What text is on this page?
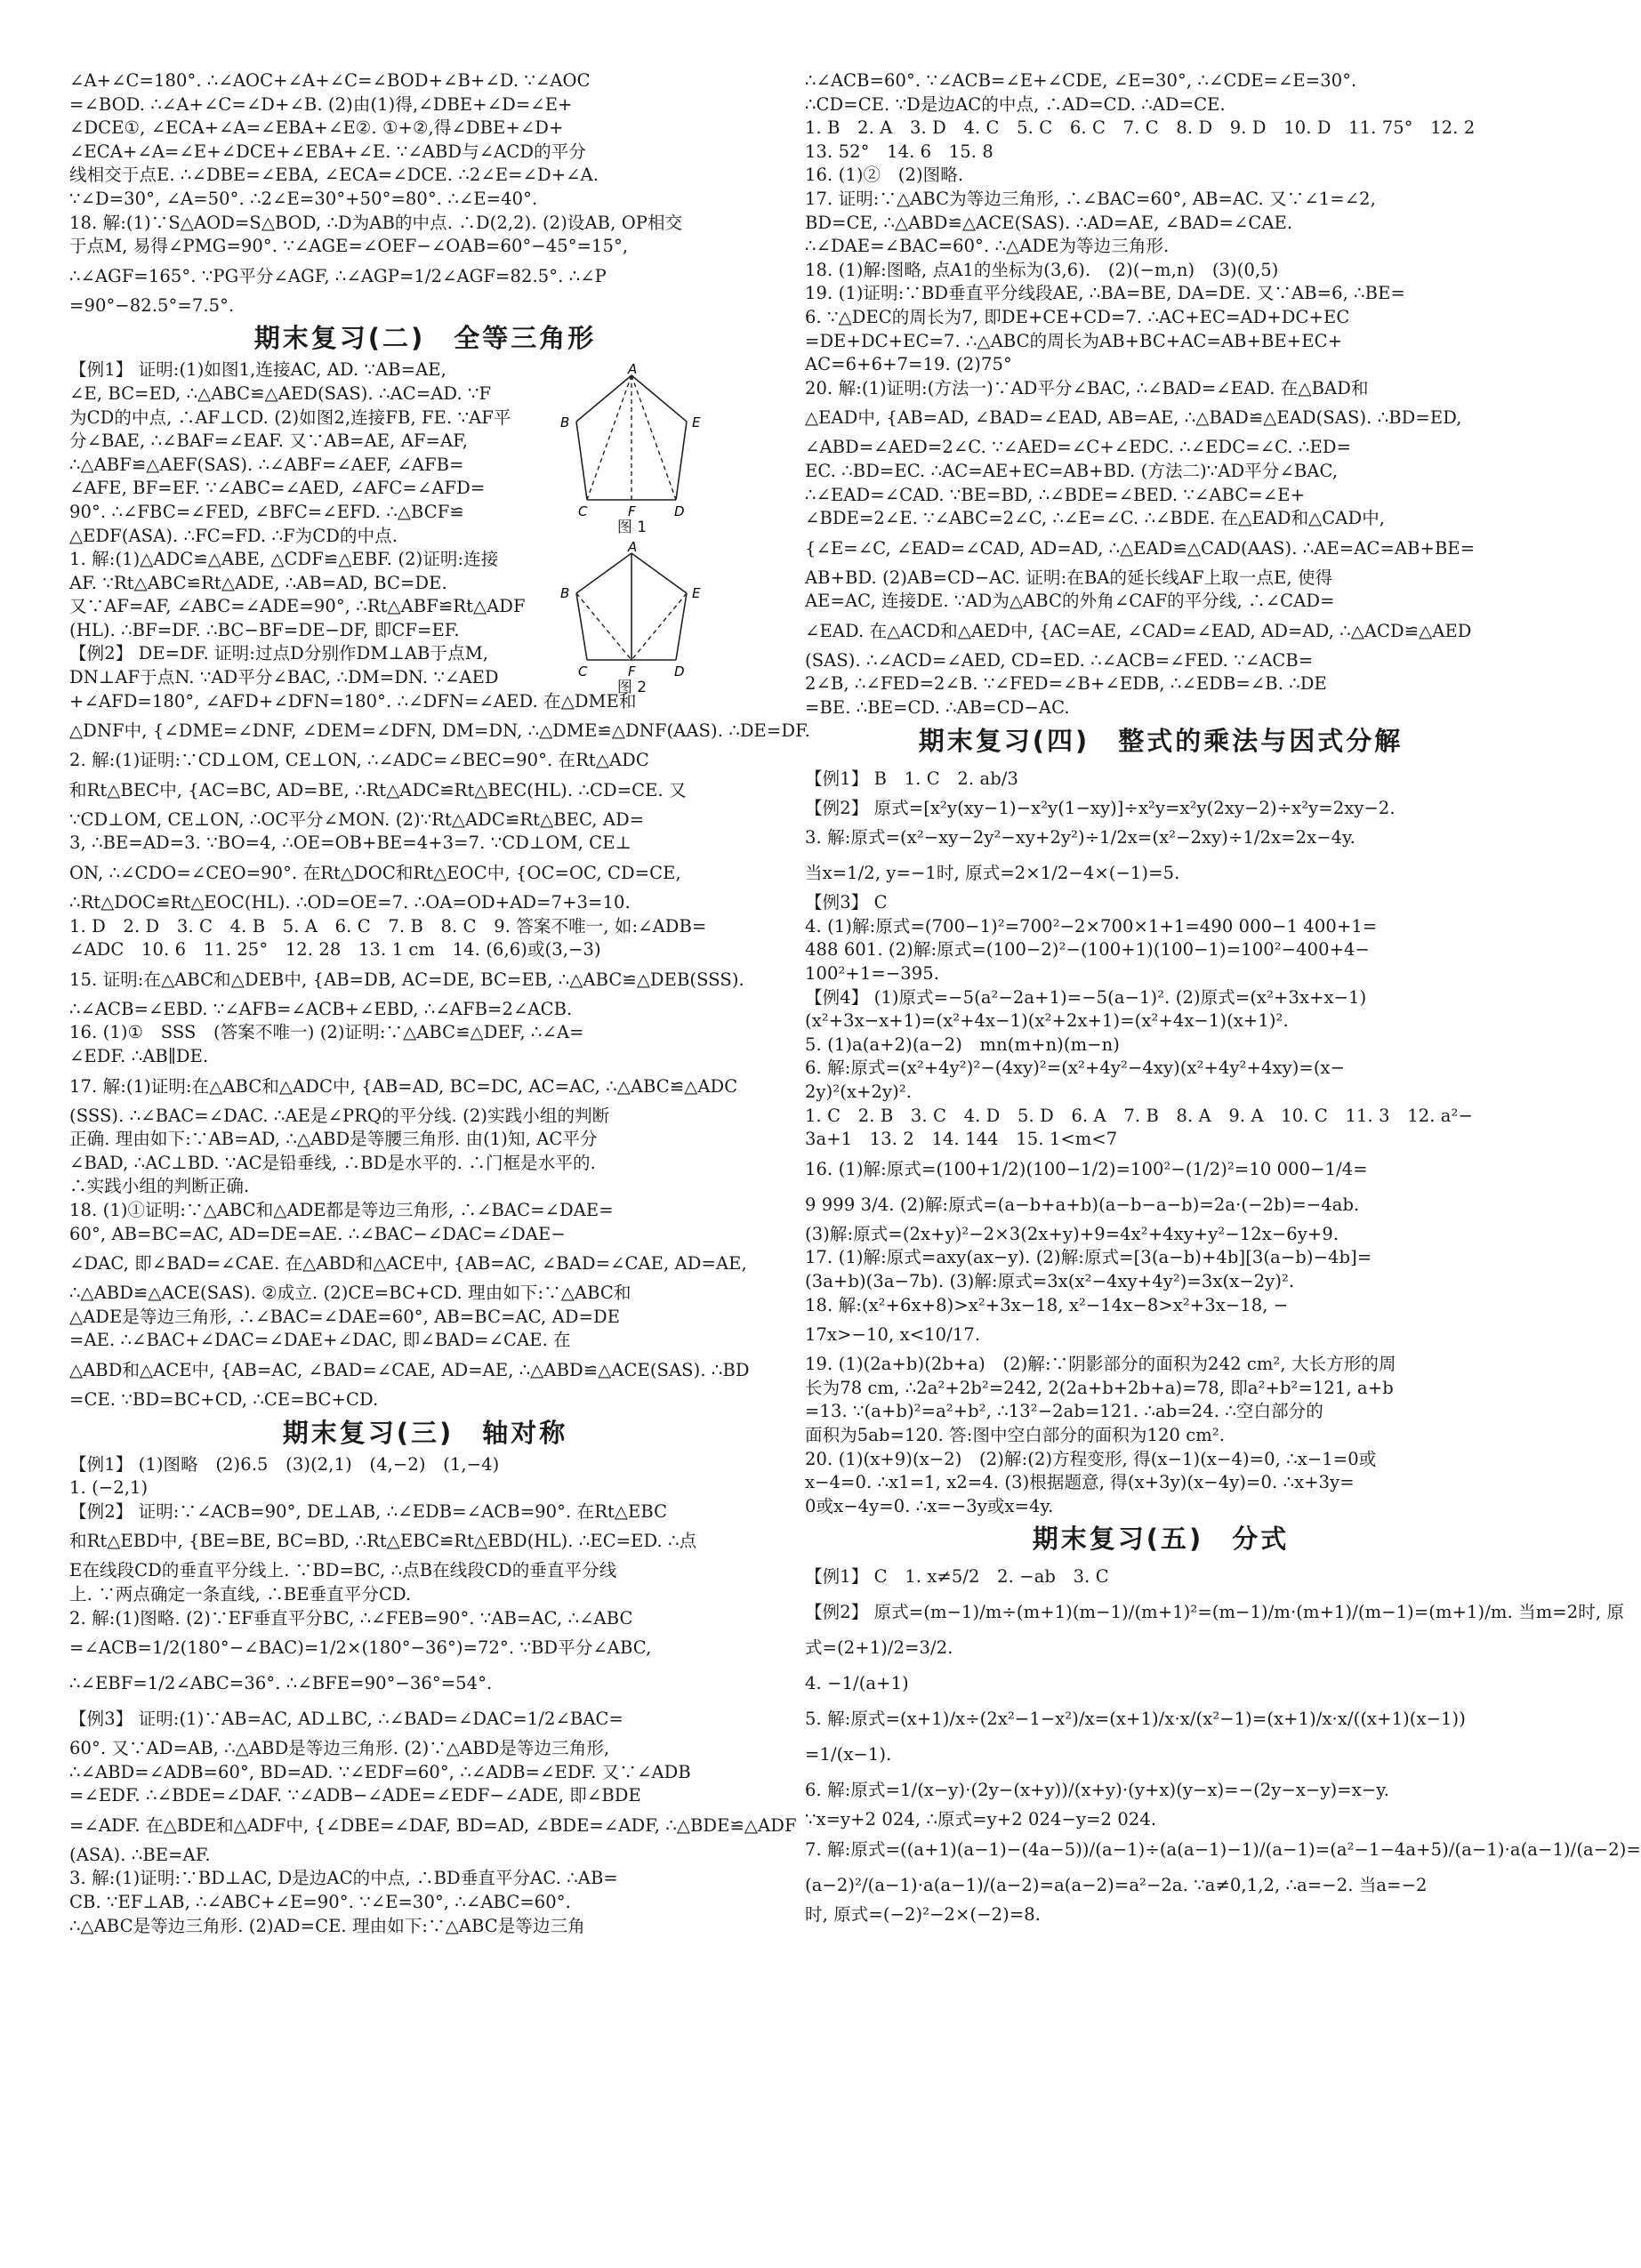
∠A+∠C=180°. ∴∠AOC+∠A+∠C=∠BOD+∠B+∠D. ∵∠AOC
=∠BOD. ∴∠A+∠C=∠D+∠B. (2)由(1)得,∠DBE+∠D=∠E+
∠DCE①, ∠ECA+∠A=∠EBA+∠E②. ①+②,得∠DBE+∠D+
∠ECA+∠A=∠E+∠DCE+∠EBA+∠E. ∵∠ABD与∠ACD的平分
线相交于点E. ∴∠DBE=∠EBA, ∠ECA=∠DCE. ∴2∠E=∠D+∠A.
∵∠D=30°, ∠A=50°. ∴2∠E=30°+50°=80°. ∴∠E=40°.
18. 解:(1)∵S△AOD=S△BOD, ∴D为AB的中点. ∴D(2,2). (2)设AB, OP相交
于点M, 易得∠PMG=90°. ∵∠AGE=∠OEF−∠OAB=60°−45°=15°,
∴∠AGF=165°. ∵PG平分∠AGF, ∴∠AGP=1/2∠AGF=82.5°. ∴∠P
=90°−82.5°=7.5°.
期末复习(二)　全等三角形
【例1】 证明:(1)如图1,连接AC, AD. ∵AB=AE,
∠E, BC=ED, ∴△ABC≌△AED(SAS). ∴AC=AD. ∵F
为CD的中点, ∴AF⊥CD. (2)如图2,连接FB, FE. ∵AF平
分∠BAE, ∴∠BAF=∠EAF. 又∵AB=AE, AF=AF,
∴△ABF≌△AEF(SAS). ∴∠ABF=∠AEF, ∠AFB=
∠AFE, BF=EF. ∵∠ABC=∠AED, ∠AFC=∠AFD=
90°. ∴∠FBC=∠FED, ∠BFC=∠EFD. ∴△BCF≌
△EDF(ASA). ∴FC=FD. ∴F为CD的中点.
1. 解:(1)△ADC≌△ABE, △CDF≌△EBF. (2)证明:连接
AF. ∵Rt△ABC≌Rt△ADE, ∴AB=AD, BC=DE.
又∵AF=AF, ∠ABC=∠ADE=90°, ∴Rt△ABF≌Rt△ADF
(HL). ∴BF=DF. ∴BC−BF=DE−DF, 即CF=EF.
【例2】 DE=DF. 证明:过点D分别作DM⊥AB于点M,
DN⊥AF于点N. ∵AD平分∠BAC, ∴DM=DN. ∵∠AED
+∠AFD=180°, ∠AFD+∠DFN=180°. ∴∠DFN=∠AED. 在△DME和
△DNF中, {∠DME=∠DNF, ∠DEM=∠DFN, DM=DN, ∴△DME≌△DNF(AAS). ∴DE=DF.
2. 解:(1)证明:∵CD⊥OM, CE⊥ON, ∴∠ADC=∠BEC=90°. 在Rt△ADC
和Rt△BEC中, {AC=BC, AD=BE, ∴Rt△ADC≌Rt△BEC(HL). ∴CD=CE. 又
∵CD⊥OM, CE⊥ON, ∴OC平分∠MON. (2)∵Rt△ADC≌Rt△BEC, AD=
3, ∴BE=AD=3. ∵BO=4, ∴OE=OB+BE=4+3=7. ∵CD⊥OM, CE⊥
ON, ∴∠CDO=∠CEO=90°. 在Rt△DOC和Rt△EOC中, {OC=OC, CD=CE,
∴Rt△DOC≌Rt△EOC(HL). ∴OD=OE=7. ∴OA=OD+AD=7+3=10.
1. D　2. D　3. C　4. B　5. A　6. C　7. B　8. C　9. 答案不唯一, 如:∠ADB=
∠ADC　10. 6　11. 25°　12. 28　13. 1 cm　14. (6,6)或(3,−3)
15. 证明:在△ABC和△DEB中, {AB=DB, AC=DE, BC=EB, ∴△ABC≌△DEB(SSS).
∴∠ACB=∠EBD. ∵∠AFB=∠ACB+∠EBD, ∴∠AFB=2∠ACB.
16. (1)①　SSS　(答案不唯一) (2)证明:∵△ABC≌△DEF, ∴∠A=
∠EDF. ∴AB∥DE.
17. 解:(1)证明:在△ABC和△ADC中, {AB=AD, BC=DC, AC=AC, ∴△ABC≌△ADC
(SSS). ∴∠BAC=∠DAC. ∴AE是∠PRQ的平分线. (2)实践小组的判断
正确. 理由如下:∵AB=AD, ∴△ABD是等腰三角形. 由(1)知, AC平分
∠BAD, ∴AC⊥BD. ∵AC是铅垂线, ∴BD是水平的. ∴门框是水平的.
∴实践小组的判断正确.
18. (1)①证明:∵△ABC和△ADE都是等边三角形, ∴∠BAC=∠DAE=
60°, AB=BC=AC, AD=DE=AE. ∴∠BAC−∠DAC=∠DAE−
∠DAC, 即∠BAD=∠CAE. 在△ABD和△ACE中, {AB=AC, ∠BAD=∠CAE, AD=AE,
∴△ABD≌△ACE(SAS). ②成立. (2)CE=BC+CD. 理由如下:∵△ABC和
△ADE是等边三角形, ∴∠BAC=∠DAE=60°, AB=BC=AC, AD=DE
=AE. ∴∠BAC+∠DAC=∠DAE+∠DAC, 即∠BAD=∠CAE. 在
△ABD和△ACE中, {AB=AC, ∠BAD=∠CAE, AD=AE, ∴△ABD≌△ACE(SAS). ∴BD
=CE. ∵BD=BC+CD, ∴CE=BC+CD.
期末复习(三)　轴对称
【例1】 (1)图略　(2)6.5　(3)(2,1)　(4,−2)　(1,−4)
1. (−2,1)
【例2】 证明:∵∠ACB=90°, DE⊥AB, ∴∠EDB=∠ACB=90°. 在Rt△EBC
和Rt△EBD中, {BE=BE, BC=BD, ∴Rt△EBC≌Rt△EBD(HL). ∴EC=ED. ∴点
E在线段CD的垂直平分线上. ∵BD=BC, ∴点B在线段CD的垂直平分线
上. ∵两点确定一条直线, ∴BE垂直平分CD.
2. 解:(1)图略. (2)∵EF垂直平分BC, ∴∠FEB=90°. ∵AB=AC, ∴∠ABC
=∠ACB=1/2(180°−∠BAC)=1/2×(180°−36°)=72°. ∵BD平分∠ABC,
∴∠EBF=1/2∠ABC=36°. ∴∠BFE=90°−36°=54°.
【例3】 证明:(1)∵AB=AC, AD⊥BC, ∴∠BAD=∠DAC=1/2∠BAC=
60°. 又∵AD=AB, ∴△ABD是等边三角形. (2)∵△ABD是等边三角形,
∴∠ABD=∠ADB=60°, BD=AD. ∵∠EDF=60°, ∴∠ADB=∠EDF. 又∵∠ADB
=∠EDF. ∴∠BDE=∠DAF. ∵∠ADB−∠ADE=∠EDF−∠ADE, 即∠BDE
=∠ADF. 在△BDE和△ADF中, {∠DBE=∠DAF, BD=AD, ∠BDE=∠ADF, ∴△BDE≌△ADF
(ASA). ∴BE=AF.
3. 解:(1)证明:∵BD⊥AC, D是边AC的中点, ∴BD垂直平分AC. ∴AB=
CB. ∵EF⊥AB, ∴∠ABC+∠E=90°. ∵∠E=30°, ∴∠ABC=60°.
∴△ABC是等边三角形. (2)AD=CE. 理由如下:∵△ABC是等边三角
∴∠ACB=60°. ∵∠ACB=∠E+∠CDE, ∠E=30°, ∴∠CDE=∠E=30°.
∴CD=CE. ∵D是边AC的中点, ∴AD=CD. ∴AD=CE.
1. B　2. A　3. D　4. C　5. C　6. C　7. C　8. D　9. D　10. D　11. 75°　12. 2
13. 52°　14. 6　15. 8
16. (1)②　(2)图略.
17. 证明:∵△ABC为等边三角形, ∴∠BAC=60°, AB=AC. 又∵∠1=∠2,
BD=CE, ∴△ABD≌△ACE(SAS). ∴AD=AE, ∠BAD=∠CAE.
∴∠DAE=∠BAC=60°. ∴△ADE为等边三角形.
18. (1)解:图略, 点A1的坐标为(3,6).　(2)(−m,n)　(3)(0,5)
19. (1)证明:∵BD垂直平分线段AE, ∴BA=BE, DA=DE. 又∵AB=6, ∴BE=
6. ∵△DEC的周长为7, 即DE+CE+CD=7. ∴AC+EC=AD+DC+EC
=DE+DC+EC=7. ∴△ABC的周长为AB+BC+AC=AB+BE+EC+
AC=6+6+7=19. (2)75°
20. 解:(1)证明:(方法一)∵AD平分∠BAC, ∴∠BAD=∠EAD. 在△BAD和
△EAD中, {AB=AD, ∠BAD=∠EAD, AB=AE, ∴△BAD≌△EAD(SAS). ∴BD=ED,
∠ABD=∠AED=2∠C. ∵∠AED=∠C+∠EDC. ∴∠EDC=∠C. ∴ED=
EC. ∴BD=EC. ∴AC=AE+EC=AB+BD. (方法二)∵AD平分∠BAC,
∴∠EAD=∠CAD. ∵BE=BD, ∴∠BDE=∠BED. ∵∠ABC=∠E+
∠BDE=2∠E. ∵∠ABC=2∠C, ∴∠E=∠C. ∴∠BDE. 在△EAD和△CAD中,
{∠E=∠C, ∠EAD=∠CAD, AD=AD, ∴△EAD≌△CAD(AAS). ∴AE=AC=AB+BE=
AB+BD. (2)AB=CD−AC. 证明:在BA的延长线AF上取一点E, 使得
AE=AC, 连接DE. ∵AD为△ABC的外角∠CAF的平分线, ∴∠CAD=
∠EAD. 在△ACD和△AED中, {AC=AE, ∠CAD=∠EAD, AD=AD, ∴△ACD≌△AED
(SAS). ∴∠ACD=∠AED, CD=ED. ∴∠ACB=∠FED. ∵∠ACB=
2∠B, ∴∠FED=2∠B. ∵∠FED=∠B+∠EDB, ∴∠EDB=∠B. ∴DE
=BE. ∴BE=CD. ∴AB=CD−AC.
期末复习(四)　整式的乘法与因式分解
【例1】 B　1. C　2. ab/3
【例2】 原式=[x²y(xy−1)−x²y(1−xy)]÷x²y=x²y(2xy−2)÷x²y=2xy−2.
3. 解:原式=(x²−xy−2y²−xy+2y²)÷1/2x=(x²−2xy)÷1/2x=2x−4y.
当x=1/2, y=−1时, 原式=2×1/2−4×(−1)=5.
【例3】 C
4. (1)解:原式=(700−1)²=700²−2×700×1+1=490 000−1 400+1=
488 601. (2)解:原式=(100−2)²−(100+1)(100−1)=100²−400+4−
100²+1=−395.
【例4】 (1)原式=−5(a²−2a+1)=−5(a−1)². (2)原式=(x²+3x+x−1)
(x²+3x−x+1)=(x²+4x−1)(x²+2x+1)=(x²+4x−1)(x+1)².
5. (1)a(a+2)(a−2)　mn(m+n)(m−n)
6. 解:原式=(x²+4y²)²−(4xy)²=(x²+4y²−4xy)(x²+4y²+4xy)=(x−
2y)²(x+2y)².
1. C　2. B　3. C　4. D　5. D　6. A　7. B　8. A　9. A　10. C　11. 3　12. a²−
3a+1　13. 2　14. 144　15. 1<m<7
16. (1)解:原式=(100+1/2)(100−1/2)=100²−(1/2)²=10 000−1/4=
9 999 3/4. (2)解:原式=(a−b+a+b)(a−b−a−b)=2a·(−2b)=−4ab.
(3)解:原式=(2x+y)²−2×3(2x+y)+9=4x²+4xy+y²−12x−6y+9.
17. (1)解:原式=axy(ax−y). (2)解:原式=[3(a−b)+4b][3(a−b)−4b]=
(3a+b)(3a−7b). (3)解:原式=3x(x²−4xy+4y²)=3x(x−2y)².
18. 解:(x²+6x+8)>x²+3x−18, x²−14x−8>x²+3x−18, −
17x>−10, x<10/17.
19. (1)(2a+b)(2b+a)　(2)解:∵阴影部分的面积为242 cm², 大长方形的周
长为78 cm, ∴2a²+2b²=242, 2(2a+b+2b+a)=78, 即a²+b²=121, a+b
=13. ∵(a+b)²=a²+b², ∴13²−2ab=121. ∴ab=24. ∴空白部分的
面积为5ab=120. 答:图中空白部分的面积为120 cm².
20. (1)(x+9)(x−2)　(2)解:(2)方程变形, 得(x−1)(x−4)=0, ∴x−1=0或
x−4=0. ∴x1=1, x2=4. (3)根据题意, 得(x+3y)(x−4y)=0. ∴x+3y=
0或x−4y=0. ∴x=−3y或x=4y.
期末复习(五)　分式
【例1】 C　1. x≠5/2　2. −ab　3. C
【例2】 原式=(m−1)/m÷(m+1)(m−1)/(m+1)²=(m−1)/m·(m+1)/(m−1)=(m+1)/m. 当m=2时, 原
式=(2+1)/2=3/2.
4. −1/(a+1)
5. 解:原式=(x+1)/x÷(2x²−1−x²)/x=(x+1)/x·x/(x²−1)=(x+1)/x·x/((x+1)(x−1))
=1/(x−1).
6. 解:原式=1/(x−y)·(2y−(x+y))/(x+y)·(y+x)(y−x)=−(2y−x−y)=x−y.
∵x=y+2 024, ∴原式=y+2 024−y=2 024.
7. 解:原式=((a+1)(a−1)−(4a−5))/(a−1)÷(a(a−1)−1)/(a−1)=(a²−1−4a+5)/(a−1)·a(a−1)/(a−2)=
(a−2)²/(a−1)·a(a−1)/(a−2)=a(a−2)=a²−2a. ∵a≠0,1,2, ∴a=−2. 当a=−2
时, 原式=(−2)²−2×(−2)=8.
A
B	E
C	F	D
图 1
A
B	E
C	F	D
图 2
